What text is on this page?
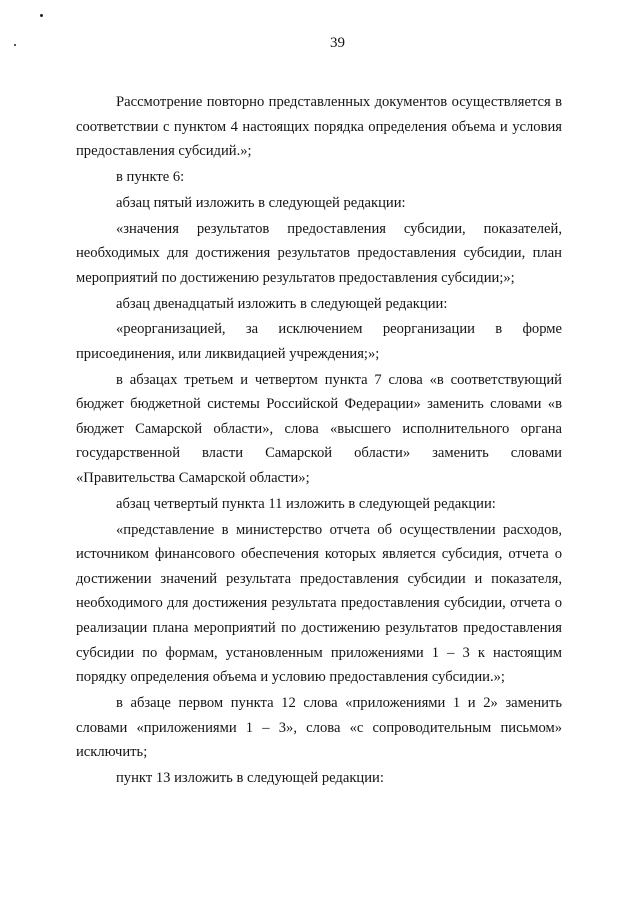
39

Рассмотрение повторно представленных документов осуществляется в соответствии с пунктом 4 настоящих порядка определения объема и условия предоставления субсидий.»;

в пункте 6:

абзац пятый изложить в следующей редакции:

«значения результатов предоставления субсидии, показателей, необходимых для достижения результатов предоставления субсидии, план мероприятий по достижению результатов предоставления субсидии;»;

абзац двенадцатый изложить в следующей редакции:

«реорганизацией, за исключением реорганизации в форме присоединения, или ликвидацией учреждения;»;

в абзацах третьем и четвертом пункта 7 слова «в соответствующий бюджет бюджетной системы Российской Федерации» заменить словами «в бюджет Самарской области», слова «высшего исполнительного органа государственной власти Самарской области» заменить словами «Правительства Самарской области»;

абзац четвертый пункта 11 изложить в следующей редакции:

«представление в министерство отчета об осуществлении расходов, источником финансового обеспечения которых является субсидия, отчета о достижении значений результата предоставления субсидии и показателя, необходимого для достижения результата предоставления субсидии, отчета о реализации плана мероприятий по достижению результатов предоставления субсидии по формам, установленным приложениями 1 – 3 к настоящим порядку определения объема и условию предоставления субсидии.»;

в абзаце первом пункта 12 слова «приложениями 1 и 2» заменить словами «приложениями 1 – 3», слова «с сопроводительным письмом» исключить;

пункт 13 изложить в следующей редакции:
